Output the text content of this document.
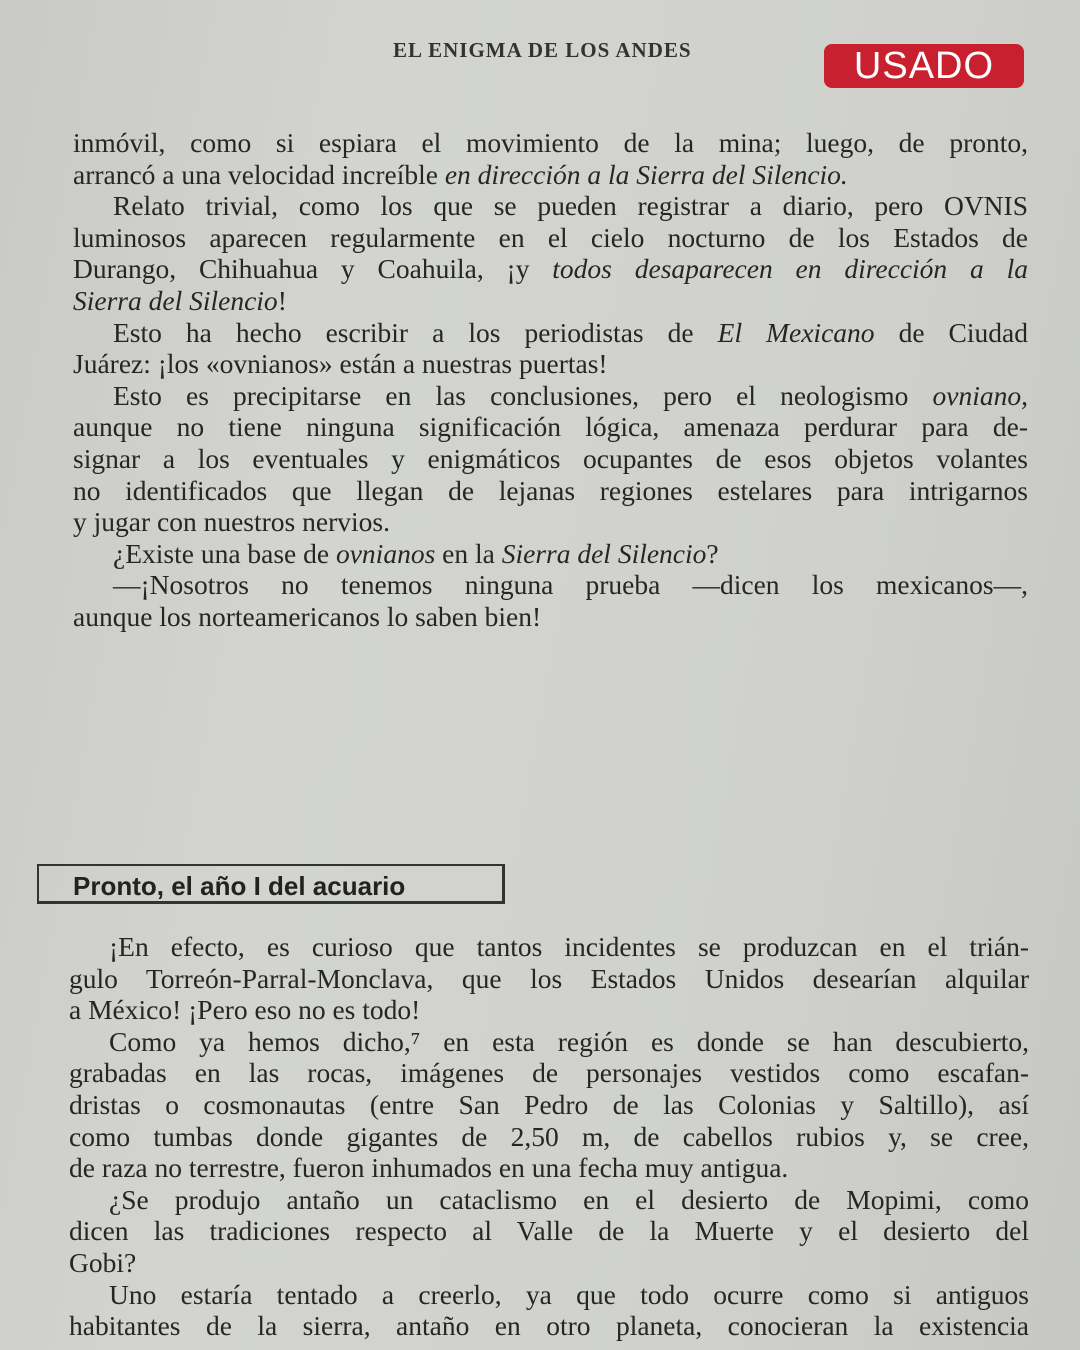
EL ENIGMA DE LOS ANDES	USADO
inmóvil, como si espiara el movimiento de la mina; luego, de pronto,
arrancó a una velocidad increíble en dirección a la Sierra del Silencio.
Relato trivial, como los que se pueden registrar a diario, pero OVNIS
luminosos aparecen regularmente en el cielo nocturno de los Estados de
Durango, Chihuahua y Coahuila, ¡y todos desaparecen en dirección a la
Sierra del Silencio!
Esto ha hecho escribir a los periodistas de El Mexicano de Ciudad
Juárez: ¡los «ovnianos» están a nuestras puertas!
Esto es precipitarse en las conclusiones, pero el neologismo ovniano,
aunque no tiene ninguna significación lógica, amenaza perdurar para de-
signar a los eventuales y enigmáticos ocupantes de esos objetos volantes
no identificados que llegan de lejanas regiones estelares para intrigarnos
y jugar con nuestros nervios.
¿Existe una base de ovnianos en la Sierra del Silencio?
—¡Nosotros no tenemos ninguna prueba —dicen los mexicanos—,
aunque los norteamericanos lo saben bien!
Pronto, el año I del acuario
¡En efecto, es curioso que tantos incidentes se produzcan en el trián-
gulo Torreón-Parral-Monclava, que los Estados Unidos desearían alquilar
a México! ¡Pero eso no es todo!
Como ya hemos dicho,⁷ en esta región es donde se han descubierto,
grabadas en las rocas, imágenes de personajes vestidos como escafan-
dristas o cosmonautas (entre San Pedro de las Colonias y Saltillo), así
como tumbas donde gigantes de 2,50 m, de cabellos rubios y, se cree,
de raza no terrestre, fueron inhumados en una fecha muy antigua.
¿Se produjo antaño un cataclismo en el desierto de Mopimi, como
dicen las tradiciones respecto al Valle de la Muerte y el desierto del
Gobi?
Uno estaría tentado a creerlo, ya que todo ocurre como si antiguos
habitantes de la sierra, antaño en otro planeta, conocieran la existencia
